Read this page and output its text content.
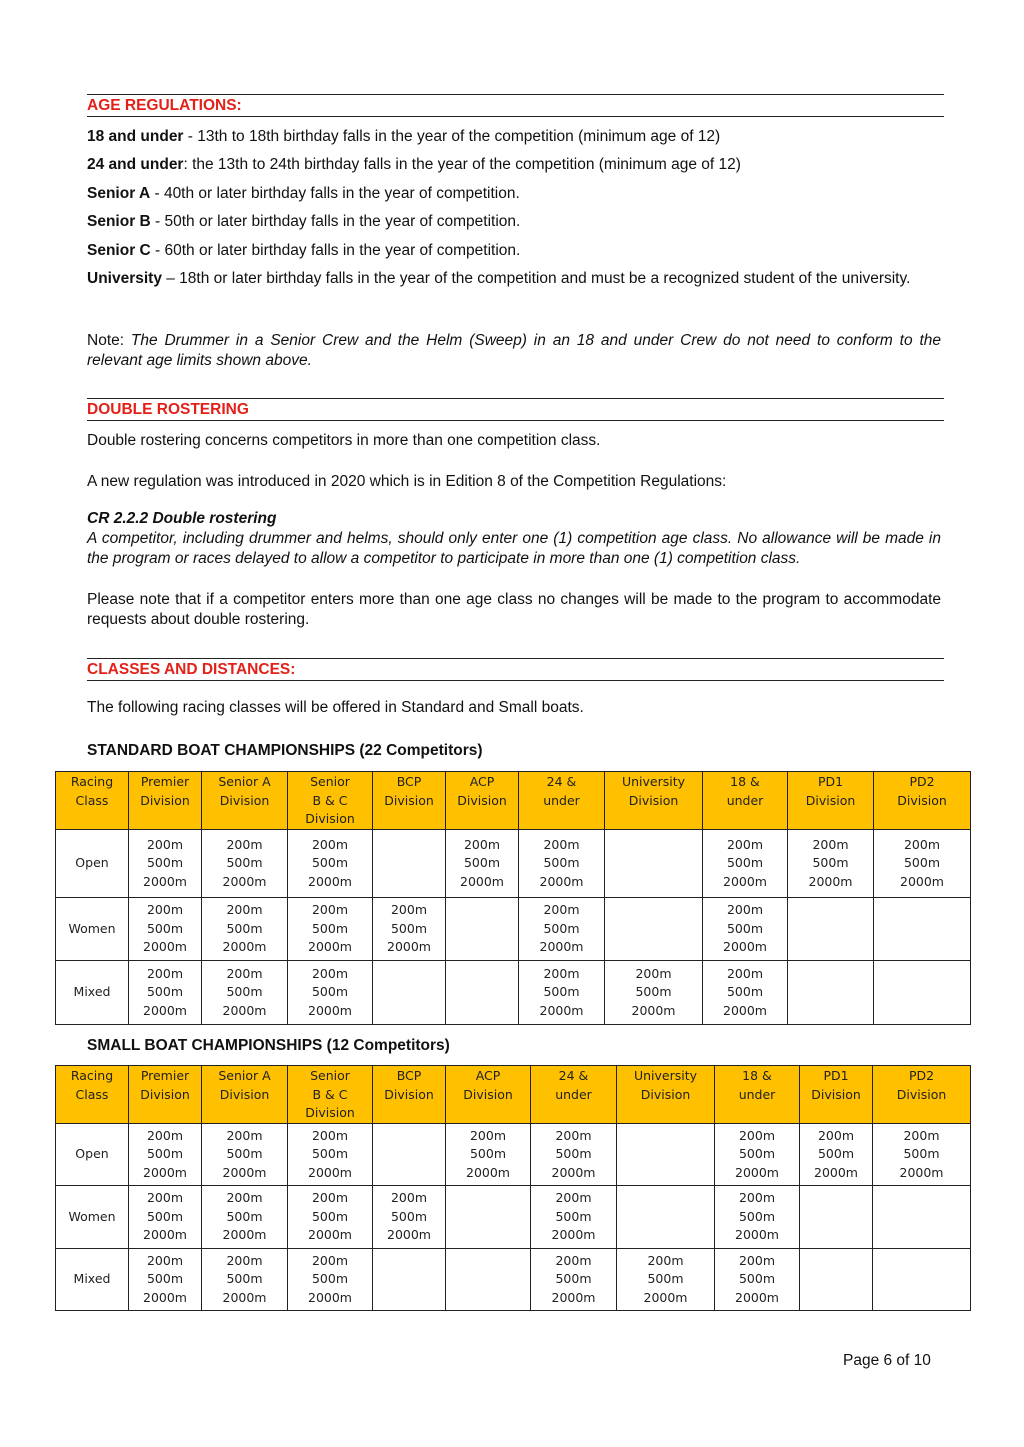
AGE REGULATIONS:
18 and under - 13th to 18th birthday falls in the year of the competition (minimum age of 12)
24 and under: the 13th to 24th birthday falls in the year of the competition (minimum age of 12)
Senior A - 40th or later birthday falls in the year of competition.
Senior B - 50th or later birthday falls in the year of competition.
Senior C - 60th or later birthday falls in the year of competition.
University – 18th or later birthday falls in the year of the competition and must be a recognized student of the university.
Note: The Drummer in a Senior Crew and the Helm (Sweep) in an 18 and under Crew do not need to conform to the relevant age limits shown above.
DOUBLE ROSTERING
Double rostering concerns competitors in more than one competition class.
A new regulation was introduced in 2020 which is in Edition 8 of the Competition Regulations:
CR 2.2.2 Double rostering
A competitor, including drummer and helms, should only enter one (1) competition age class. No allowance will be made in the program or races delayed to allow a competitor to participate in more than one (1) competition class.
Please note that if a competitor enters more than one age class no changes will be made to the program to accommodate requests about double rostering.
CLASSES AND DISTANCES:
The following racing classes will be offered in Standard and Small boats.
STANDARD BOAT CHAMPIONSHIPS (22 Competitors)
Racing
Class	Premier
Division	Senior A
Division	Senior
B & C
Division	BCP
Division	ACP
Division	24 &
under	University
Division	18 &
under	PD1
Division	PD2
Division

Open	200m
500m
2000m	200m
500m
2000m	200m
500m
2000m		200m
500m
2000m	200m
500m
2000m		200m
500m
2000m	200m
500m
2000m	200m
500m
2000m

Women	200m
500m
2000m	200m
500m
2000m	200m
500m
2000m	200m
500m
2000m		200m
500m
2000m		200m
500m
2000m		

Mixed	200m
500m
2000m	200m
500m
2000m	200m
500m
2000m			200m
500m
2000m	200m
500m
2000m	200m
500m
2000m		

SMALL BOAT CHAMPIONSHIPS (12 Competitors)
Racing
Class	Premier
Division	Senior A
Division	Senior
B & C
Division	BCP
Division	ACP
Division	24 &
under	University
Division	18 &
under	PD1
Division	PD2
Division

Open	200m
500m
2000m	200m
500m
2000m	200m
500m
2000m		200m
500m
2000m	200m
500m
2000m		200m
500m
2000m	200m
500m
2000m	200m
500m
2000m

Women	200m
500m
2000m	200m
500m
2000m	200m
500m
2000m	200m
500m
2000m		200m
500m
2000m		200m
500m
2000m		

Mixed	200m
500m
2000m	200m
500m
2000m	200m
500m
2000m			200m
500m
2000m	200m
500m
2000m	200m
500m
2000m		

Page 6 of 10
